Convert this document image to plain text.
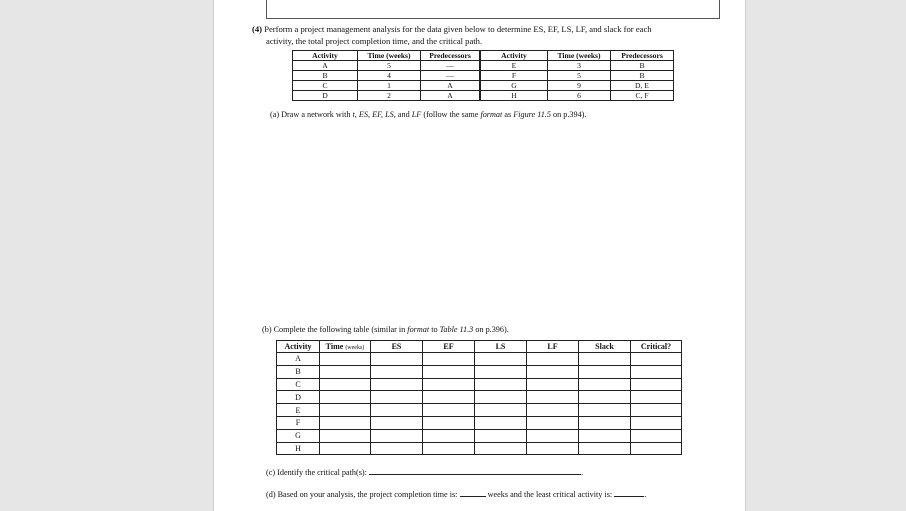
(4) Perform a project management analysis for the data given below to determine ES, EF, LS, LF, and slack for each
activity, the total project completion time, and the critical path.
Activity	Time (weeks)	Predecessors	Activity	Time (weeks)	Predecessors
A	5	—	E	3	B
B	4	—	F	5	B
C	1	A	G	9	D, E
D	2	A	H	6	C, F
(a) Draw a network with t, ES, EF, LS, and LF (follow the same format as Figure 11.5 on p.394).
(b) Complete the following table (similar in format to Table 11.3 on p.396).
Activity	Time (weeks)	ES	EF	LS	LF	Slack	Critical?
A							
B							
C							
D							
E							
F							
G							
H							
(c) Identify the critical path(s):	.
(d) Based on your analysis, the project completion time is:	weeks and the least critical activity is:	.
